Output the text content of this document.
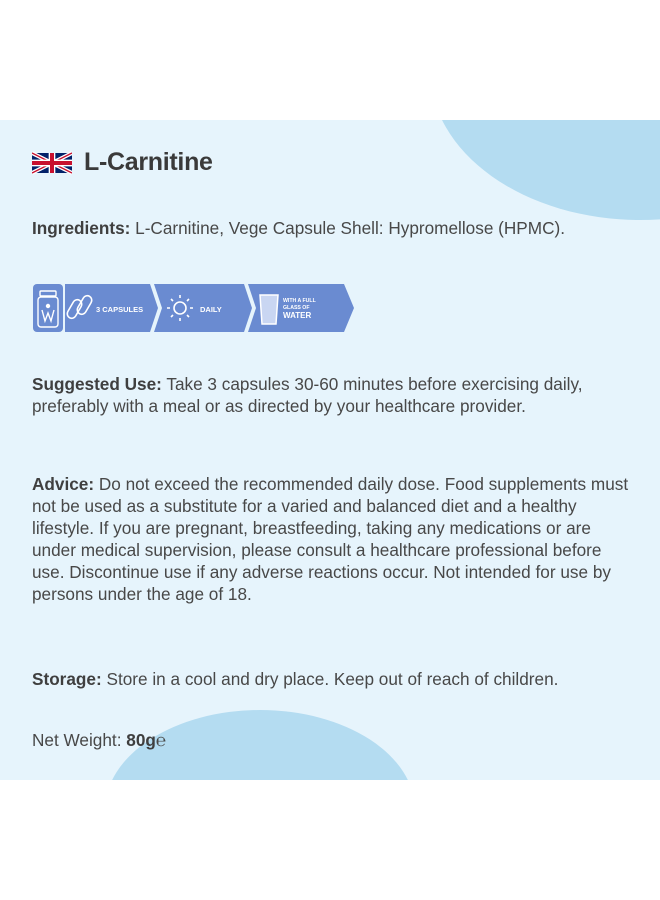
L-Carnitine
Ingredients: L-Carnitine, Vege Capsule Shell: Hypromellose (HPMC).
3 CAPSULES	DAILY
WITH A FULL
GLASS OF
WATER
Suggested Use: Take 3 capsules 30-60 minutes before exercising daily, preferably with a meal or as directed by your healthcare provider.
Advice: Do not exceed the recommended daily dose. Food supplements must not be used as a substitute for a varied and balanced diet and a healthy lifestyle. If you are pregnant, breastfeeding, taking any medications or are under medical supervision, please consult a healthcare professional before use. Discontinue use if any adverse reactions occur. Not intended for use by persons under the age of 18.
Storage: Store in a cool and dry place. Keep out of reach of children.
Net Weight: 80g℮
